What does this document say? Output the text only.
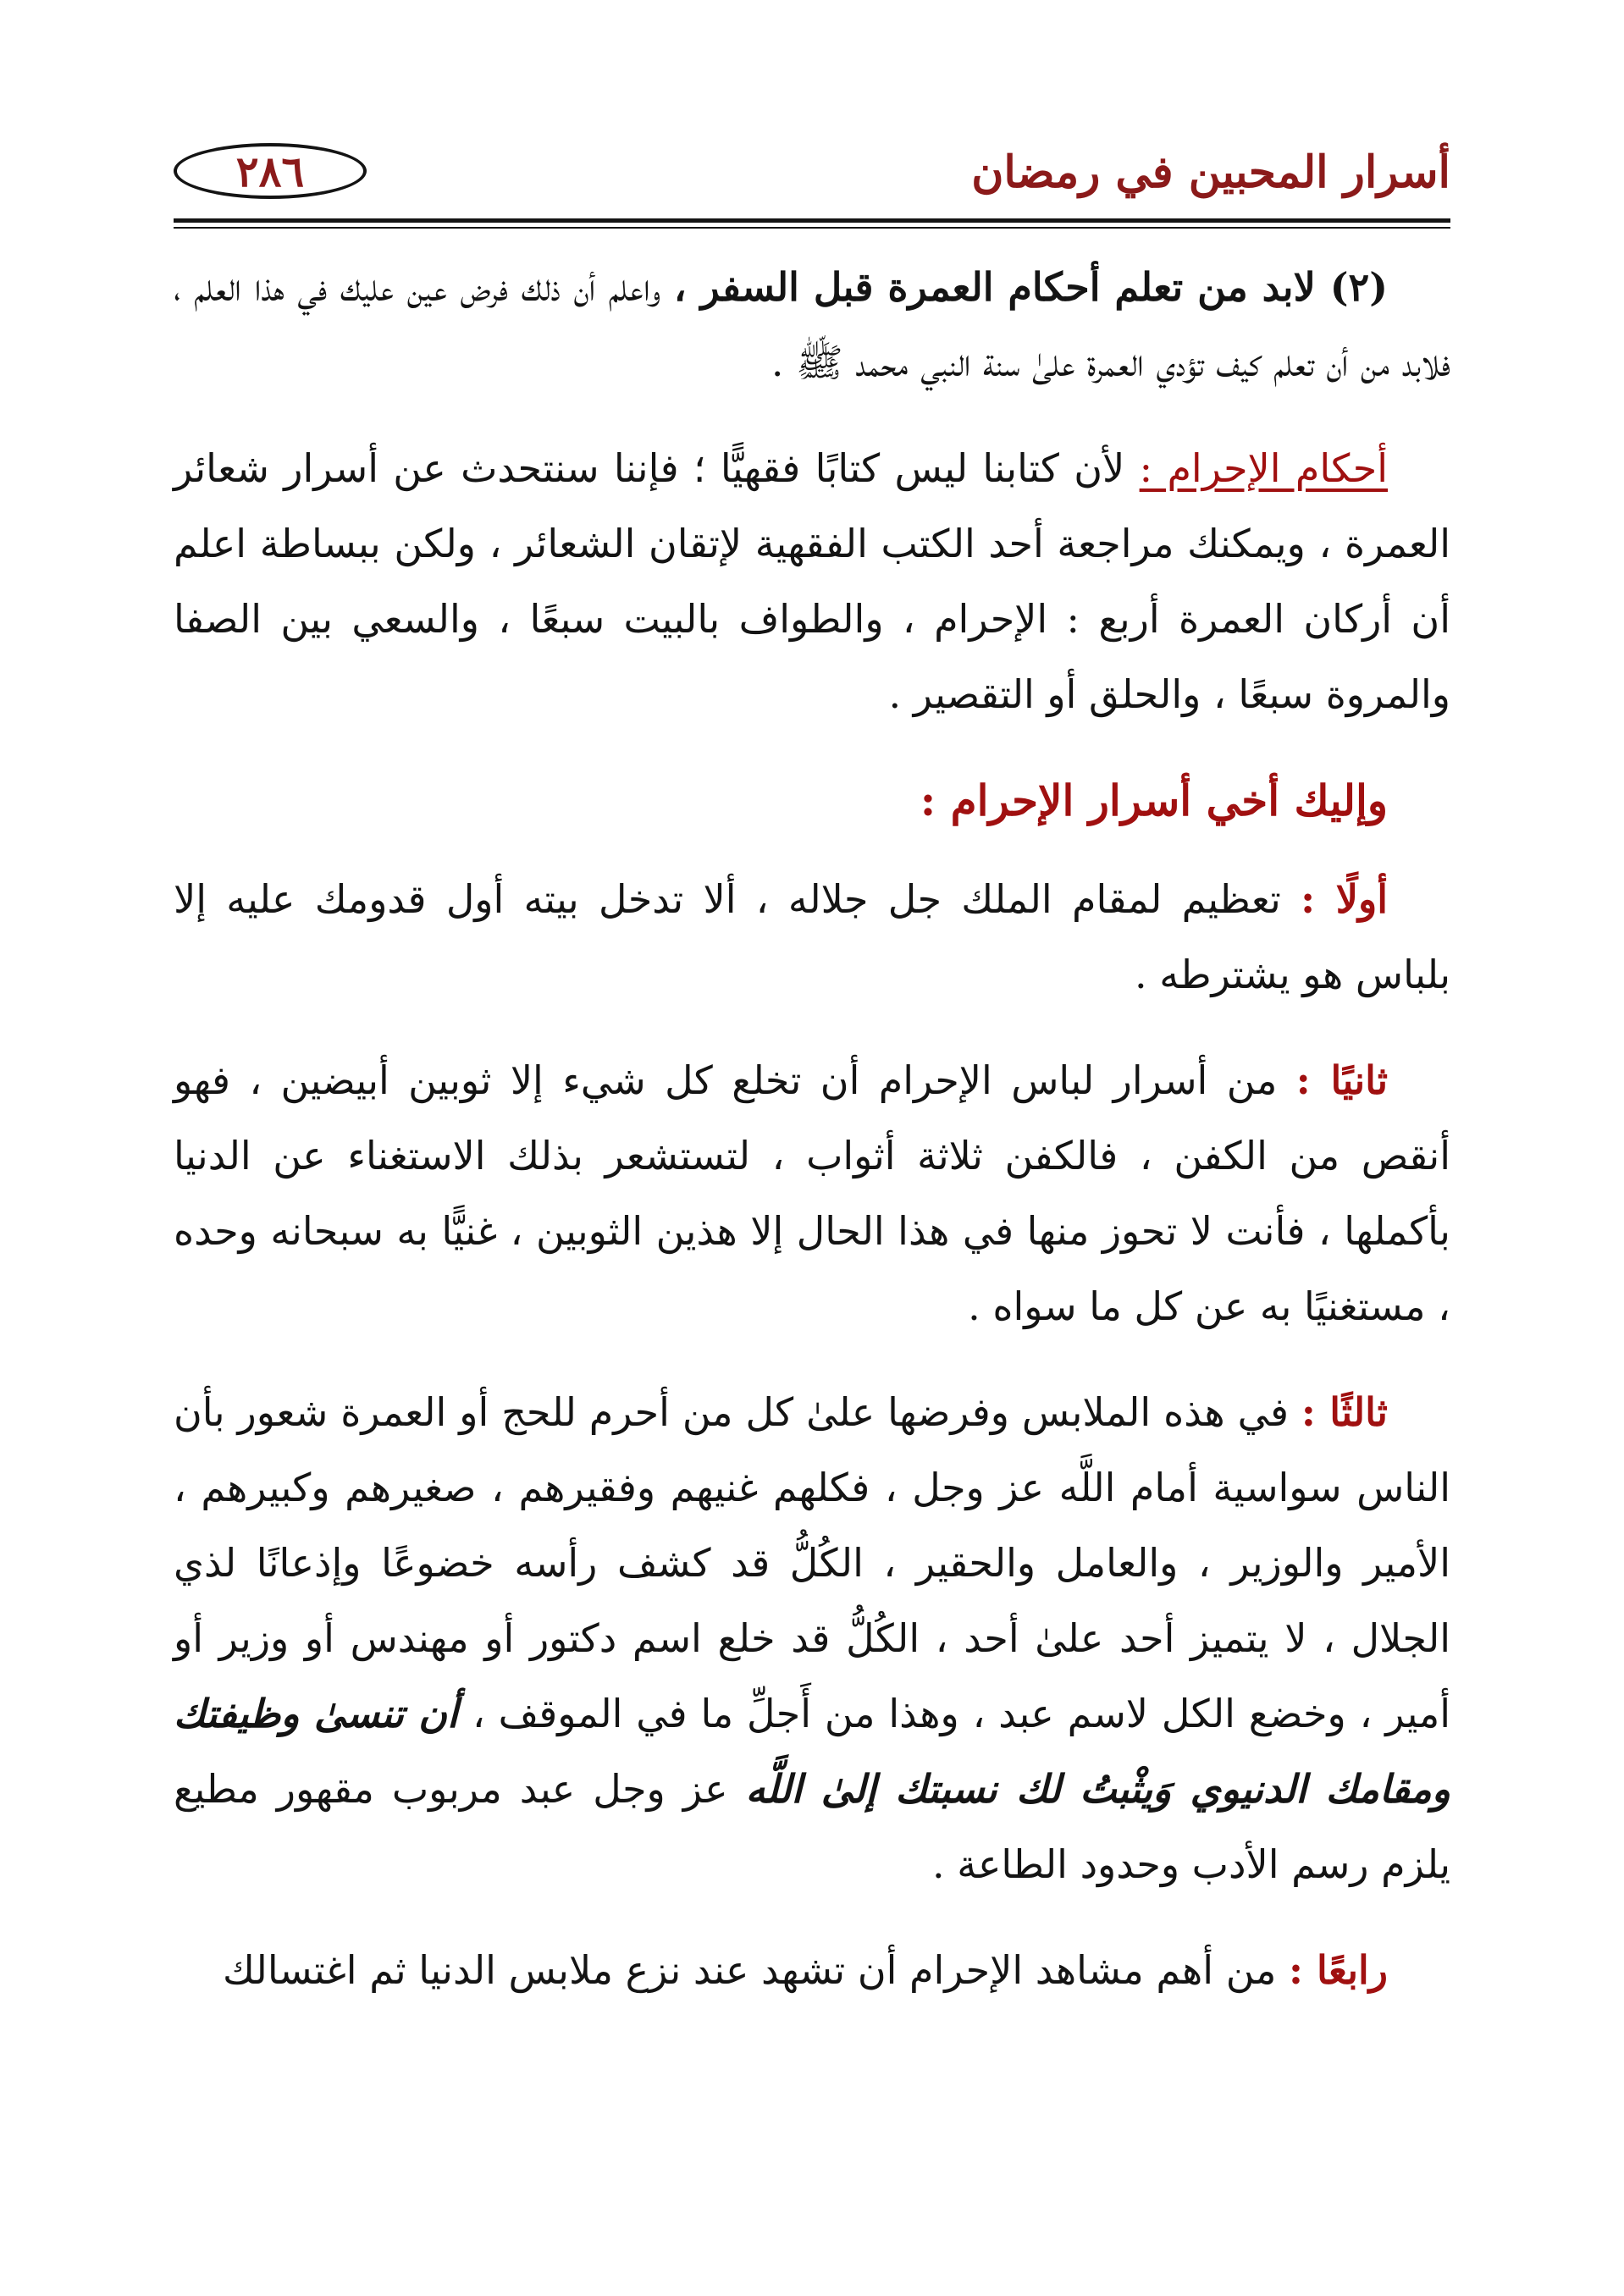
أسرار المحبين في رمضان
٢٨٦

(٢) لابد من تعلم أحكام العمرة قبل السفر ، واعلم أن ذلك فرض عين عليك في هذا العلم ، فلابد من أن تعلم كيف تؤدي العمرة علىٰ سنة النبي محمد ﷺ .

أحكام الإحرام : لأن كتابنا ليس كتابًا فقهيًّا ؛ فإننا سنتحدث عن أسرار شعائر العمرة ، ويمكنك مراجعة أحد الكتب الفقهية لإتقان الشعائر ، ولكن ببساطة اعلم أن أركان العمرة أربع : الإحرام ، والطواف بالبيت سبعًا ، والسعي بين الصفا والمروة سبعًا ، والحلق أو التقصير .

وإليك أخي أسرار الإحرام :

أولًا : تعظيم لمقام الملك جل جلاله ، ألا تدخل بيته أول قدومك عليه إلا بلباس هو يشترطه .

ثانيًا : من أسرار لباس الإحرام أن تخلع كل شيء إلا ثوبين أبيضين ، فهو أنقص من الكفن ، فالكفن ثلاثة أثواب ، لتستشعر بذلك الاستغناء عن الدنيا بأكملها ، فأنت لا تحوز منها في هذا الحال إلا هذين الثوبين ، غنيًّا به سبحانه وحده ، مستغنيًا به عن كل ما سواه .

ثالثًا : في هذه الملابس وفرضها علىٰ كل من أحرم للحج أو العمرة شعور بأن الناس سواسية أمام اللَّه عز وجل ، فكلهم غنيهم وفقيرهم ، صغيرهم وكبيرهم ، الأمير والوزير ، والعامل والحقير ، الكُلُّ قد كشف رأسه خضوعًا وإذعانًا لذي الجلال ، لا يتميز أحد علىٰ أحد ، الكُلُّ قد خلع اسم دكتور أو مهندس أو وزير أو أمير ، وخضع الكل لاسم عبد ، وهذا من أَجلِّ ما في الموقف ، أن تنسىٰ وظيفتك ومقامك الدنيوي وَيثْبتُ لك نسبتك إلىٰ اللَّه عز وجل عبد مربوب مقهور مطيع يلزم رسم الأدب وحدود الطاعة .

رابعًا : من أهم مشاهد الإحرام أن تشهد عند نزع ملابس الدنيا ثم اغتسالك
